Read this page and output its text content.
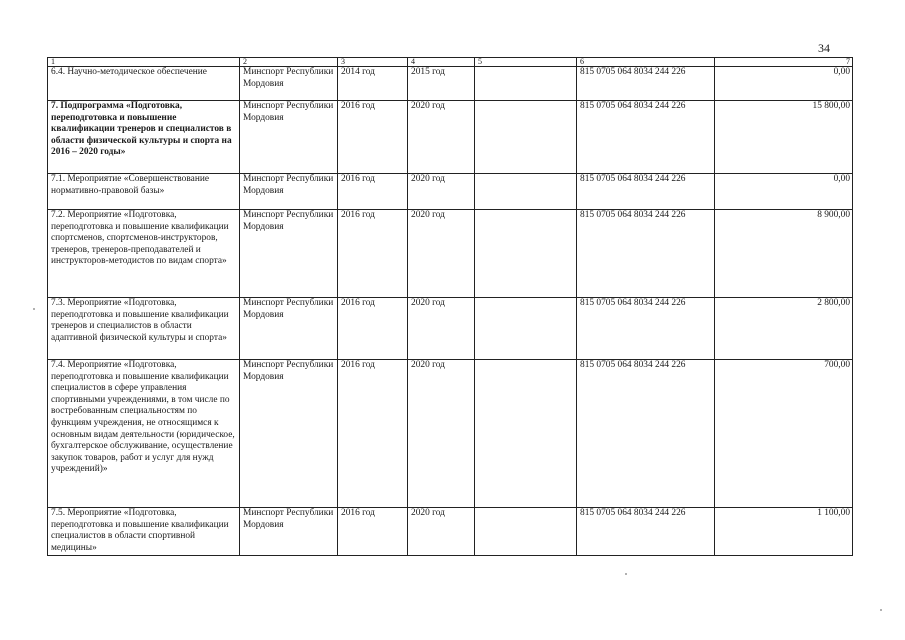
34
1	2	3	4	5	6	7
6.4. Научно-методическое обеспечение	Минспорт Республики Мордовия	2014 год	2015 год		815 0705 064 8034 244 226	0,00
7. Подпрограмма «Подготовка, переподготовка и повышение квалификации тренеров и специалистов в области физической культуры и спорта на 2016 – 2020 годы»	Минспорт Республики Мордовия	2016 год	2020 год		815 0705 064 8034 244 226	15 800,00
7.1. Мероприятие «Совершенствование нормативно-правовой базы»	Минспорт Республики Мордовия	2016 год	2020 год		815 0705 064 8034 244 226	0,00
7.2. Мероприятие «Подготовка, переподготовка и повышение квалификации спортсменов, спортсменов-инструкторов, тренеров, тренеров-преподавателей и инструкторов-методистов по видам спорта»	Минспорт Республики Мордовия	2016 год	2020 год		815 0705 064 8034 244 226	8 900,00
7.3. Мероприятие «Подготовка, переподготовка и повышение квалификации тренеров и специалистов в области адаптивной физической культуры и спорта»	Минспорт Республики Мордовия	2016 год	2020 год		815 0705 064 8034 244 226	2 800,00
7.4. Мероприятие «Подготовка, переподготовка и повышение квалификации специалистов в сфере управления спортивными учреждениями, в том числе по востребованным специальностям по функциям учреждения, не относящимся к основным видам деятельности (юридическое, бухгалтерское обслуживание, осуществление закупок товаров, работ и услуг для нужд учреждений)»	Минспорт Республики Мордовия	2016 год	2020 год		815 0705 064 8034 244 226	700,00
7.5. Мероприятие «Подготовка, переподготовка и повышение квалификации специалистов в области спортивной медицины»	Минспорт Республики Мордовия	2016 год	2020 год		815 0705 064 8034 244 226	1 100,00
